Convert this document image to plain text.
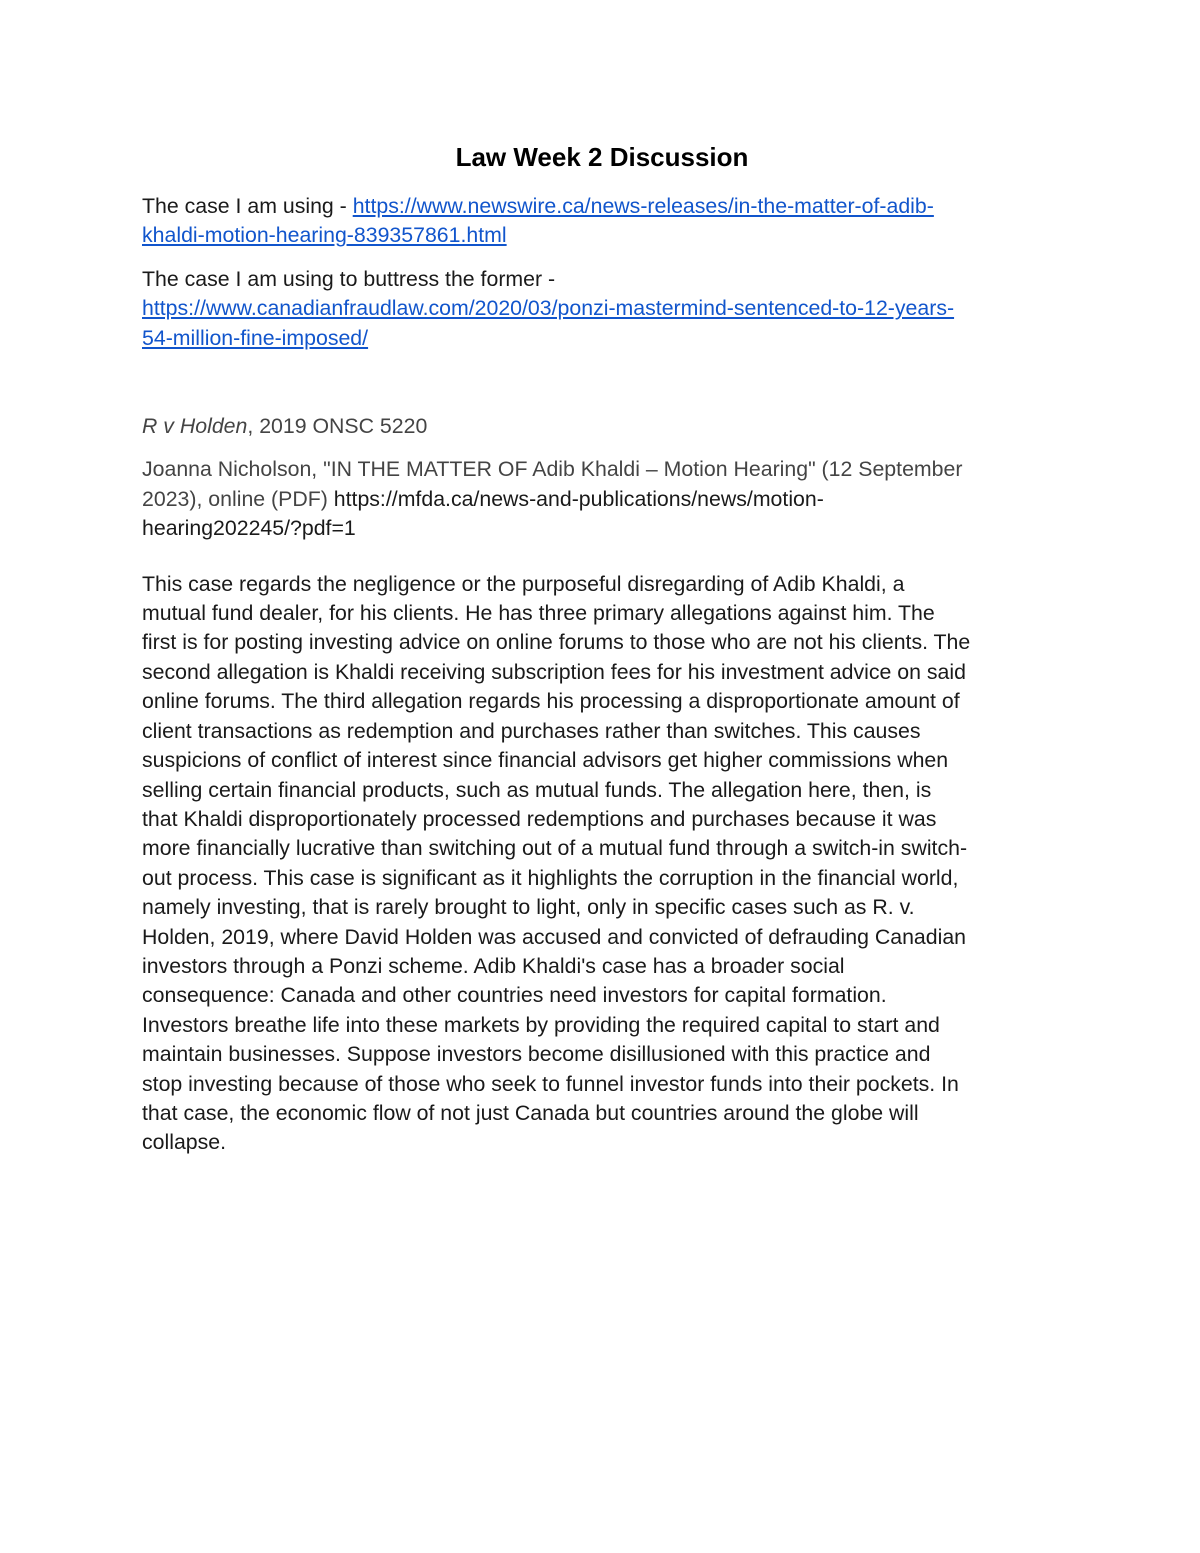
Law Week 2 Discussion

The case I am using - https://www.newswire.ca/news-releases/in-the-matter-of-adib-
khaldi-motion-hearing-839357861.html

The case I am using to buttress the former -
https://www.canadianfraudlaw.com/2020/03/ponzi-mastermind-sentenced-to-12-years-
54-million-fine-imposed/

R v Holden, 2019 ONSC 5220

Joanna Nicholson, "IN THE MATTER OF Adib Khaldi – Motion Hearing" (12 September
2023), online (PDF) https://mfda.ca/news-and-publications/news/motion-
hearing202245/?pdf=1

This case regards the negligence or the purposeful disregarding of Adib Khaldi, a
mutual fund dealer, for his clients. He has three primary allegations against him. The
first is for posting investing advice on online forums to those who are not his clients. The
second allegation is Khaldi receiving subscription fees for his investment advice on said
online forums. The third allegation regards his processing a disproportionate amount of
client transactions as redemption and purchases rather than switches. This causes
suspicions of conflict of interest since financial advisors get higher commissions when
selling certain financial products, such as mutual funds. The allegation here, then, is
that Khaldi disproportionately processed redemptions and purchases because it was
more financially lucrative than switching out of a mutual fund through a switch-in switch-
out process. This case is significant as it highlights the corruption in the financial world,
namely investing, that is rarely brought to light, only in specific cases such as R. v.
Holden, 2019, where David Holden was accused and convicted of defrauding Canadian
investors through a Ponzi scheme. Adib Khaldi's case has a broader social
consequence: Canada and other countries need investors for capital formation.
Investors breathe life into these markets by providing the required capital to start and
maintain businesses. Suppose investors become disillusioned with this practice and
stop investing because of those who seek to funnel investor funds into their pockets. In
that case, the economic flow of not just Canada but countries around the globe will
collapse.
